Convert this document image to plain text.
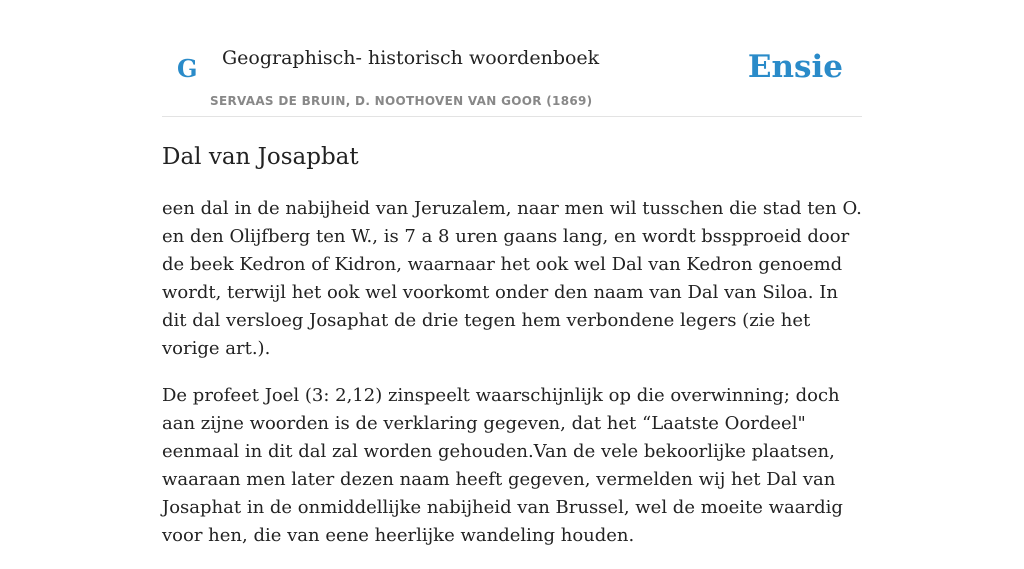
G Geographisch- historisch woordenboek
SERVAAS DE BRUIN, D. NOOTHOVEN VAN GOOR (1869)
Ensie
Dal van Josapbat

een dal in de nabijheid van Jeruzalem, naar men wil tusschen die stad ten O. en den Olijfberg ten W., is 7 a 8 uren gaans lang, en wordt bsspproeid door de beek Kedron of Kidron, waarnaar het ook wel Dal van Kedron genoemd wordt, terwijl het ook wel voorkomt onder den naam van Dal van Siloa. In dit dal versloeg Josaphat de drie tegen hem verbondene legers (zie het vorige art.).

De profeet Joel (3: 2,12) zinspeelt waarschijnlijk op die overwinning; doch aan zijne woorden is de verklaring gegeven, dat het “Laatste Oordeel" eenmaal in dit dal zal worden gehouden.Van de vele bekoorlijke plaatsen, waaraan men later dezen naam heeft gegeven, vermelden wij het Dal van Josaphat in de onmiddellijke nabijheid van Brussel, wel de moeite waardig voor hen, die van eene heerlijke wandeling houden.
